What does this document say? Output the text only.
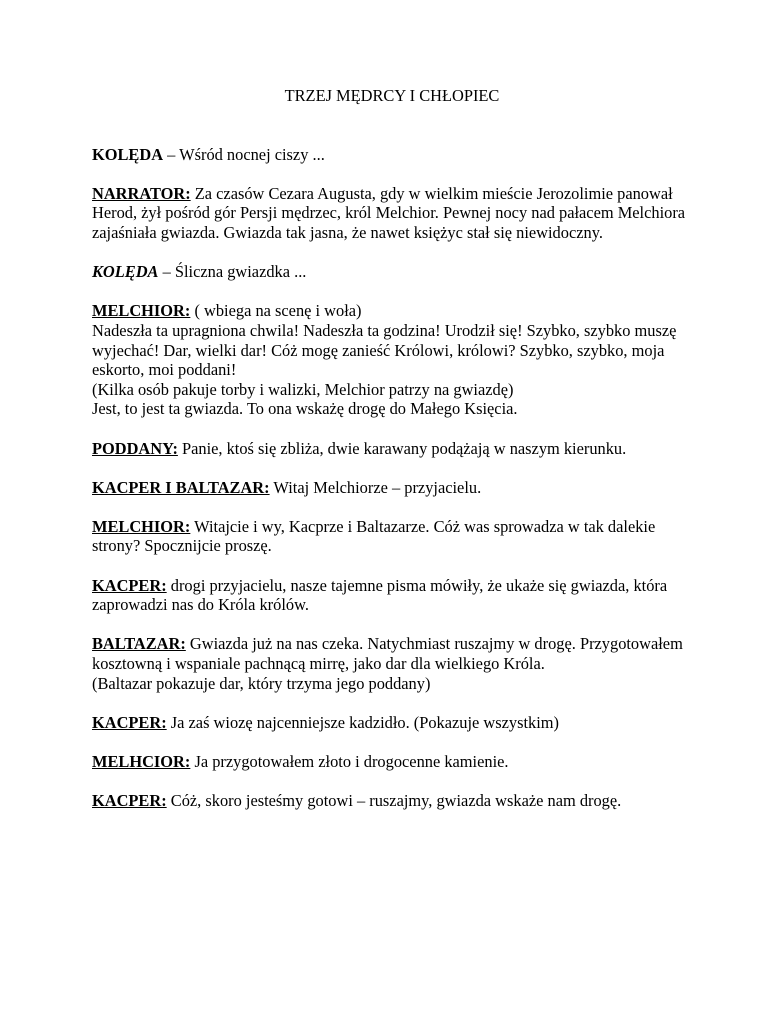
TRZEJ MĘDRCY I CHŁOPIEC

KOLĘDA – Wśród nocnej ciszy ...

NARRATOR: Za czasów Cezara Augusta, gdy w wielkim mieście Jerozolimie panował Herod, żył pośród gór Persji mędrzec, król Melchior. Pewnej nocy nad pałacem Melchiora zajaśniała gwiazda. Gwiazda tak jasna, że nawet księżyc stał się niewidoczny.

KOLĘDA – Śliczna gwiazdka ...

MELCHIOR: ( wbiega na scenę i woła)

Nadeszła ta upragniona chwila! Nadeszła ta godzina! Urodził się! Szybko, szybko muszę wyjechać! Dar, wielki dar! Cóż mogę zanieść Królowi, królowi? Szybko, szybko, moja eskorto, moi poddani!

(Kilka osób pakuje torby i walizki, Melchior patrzy na gwiazdę)

Jest, to jest ta gwiazda. To ona wskażę drogę do Małego Księcia.

PODDANY: Panie, ktoś się zbliża, dwie karawany podążają w naszym kierunku.

KACPER I BALTAZAR: Witaj Melchiorze – przyjacielu.

MELCHIOR: Witajcie i wy, Kacprze i Baltazarze. Cóż was sprowadza w tak dalekie strony? Spocznijcie proszę.

KACPER: drogi przyjacielu, nasze tajemne pisma mówiły, że ukaże się gwiazda, która zaprowadzi nas do Króla królów.

BALTAZAR: Gwiazda już na nas czeka. Natychmiast ruszajmy w drogę. Przygotowałem kosztowną i wspaniale pachnącą mirrę, jako dar dla wielkiego Króla.

(Baltazar pokazuje dar, który trzyma jego poddany)

KACPER: Ja zaś wiozę najcenniejsze kadzidło. (Pokazuje wszystkim)

MELHCIOR: Ja przygotowałem złoto i drogocenne kamienie.

KACPER: Cóż, skoro jesteśmy gotowi – ruszajmy, gwiazda wskaże nam drogę.
